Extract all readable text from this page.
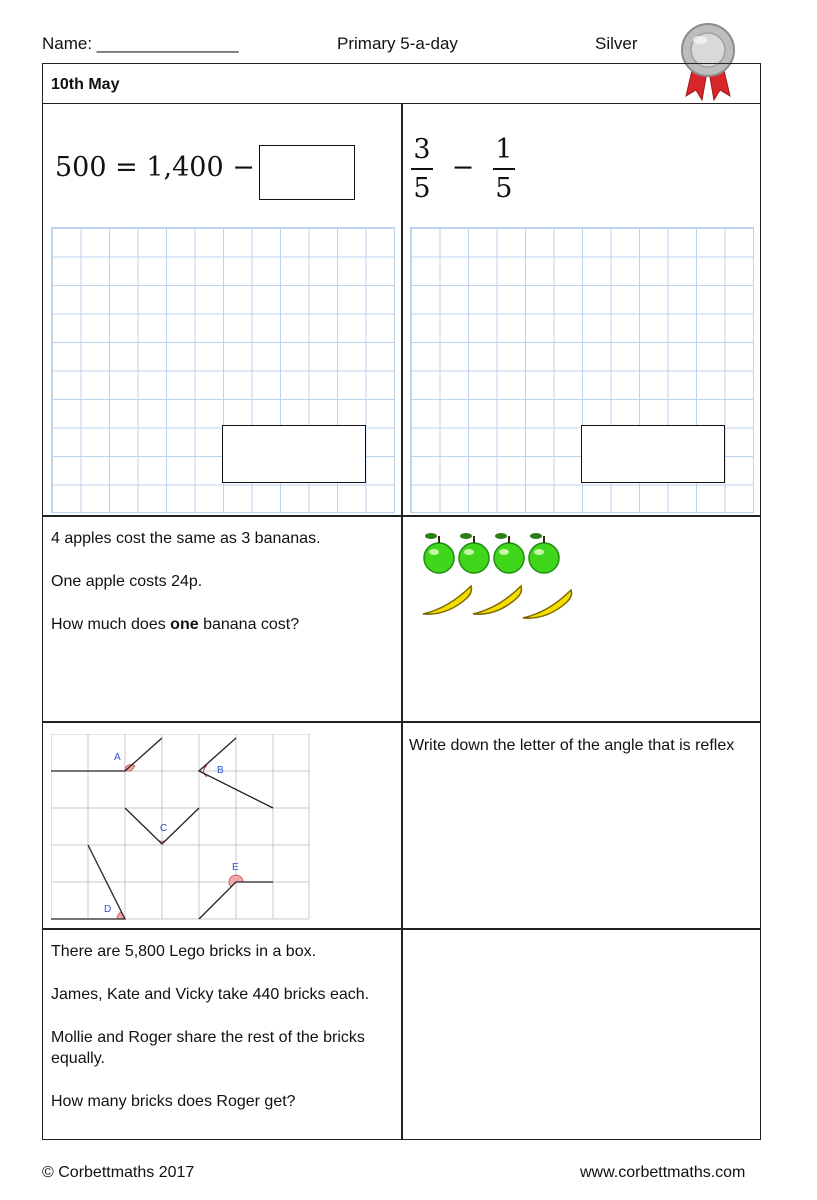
Name: _______________	Primary 5-a-day	Silver
10th May
500 = 1,400 −	$\frac{3}{5} - \frac{1}{5}$

4 apples cost the same as 3 bananas.

One apple costs 24p.

How much does one banana cost?

A
B
C
D
E
Write down the letter of the angle that is reflex

There are 5,800 Lego bricks in a box.

James, Kate and Vicky take 440 bricks each.

Mollie and Roger share the rest of the bricks equally.

How many bricks does Roger get?

© Corbettmaths 2017	www.corbettmaths.com
